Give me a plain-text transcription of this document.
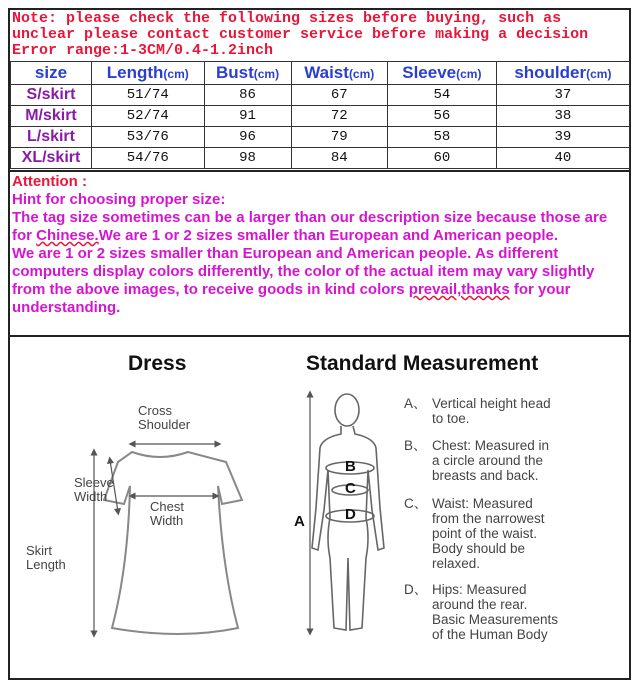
Note: please check the following sizes before buying, such as
unclear please contact customer service before making a decision
Error range:1-3CM/0.4-1.2inch
size	Length(cm)	Bust(cm)	Waist(cm)	Sleeve(cm)	shoulder(cm)
S/skirt	51/74	86	67	54	37
M/skirt	52/74	91	72	56	38
L/skirt	53/76	96	79	58	39
XL/skirt	54/76	98	84	60	40
Attention :
Hint for choosing proper size:
The tag size sometimes can be a larger than our description size because those are for Chinese.We are 1 or 2 sizes smaller than European and American people.
We are 1 or 2 sizes smaller than European and American people. As different computers display colors differently, the color of the actual item may vary slightly from the above images, to receive goods in kind colors prevail,thanks for your understanding.
Dress	Standard Measurement
Cross
Shoulder
Sleeve
Width
Chest
Width
Skirt
Length
A
B
C
D
A、 Vertical height head
to toe.
B、 Chest: Measured in
a circle around the
breasts and back.
C、 Waist: Measured
from the narrowest
point of the waist.
Body should be
relaxed.
D、 Hips: Measured
around the rear.
Basic Measurements
of the Human Body
